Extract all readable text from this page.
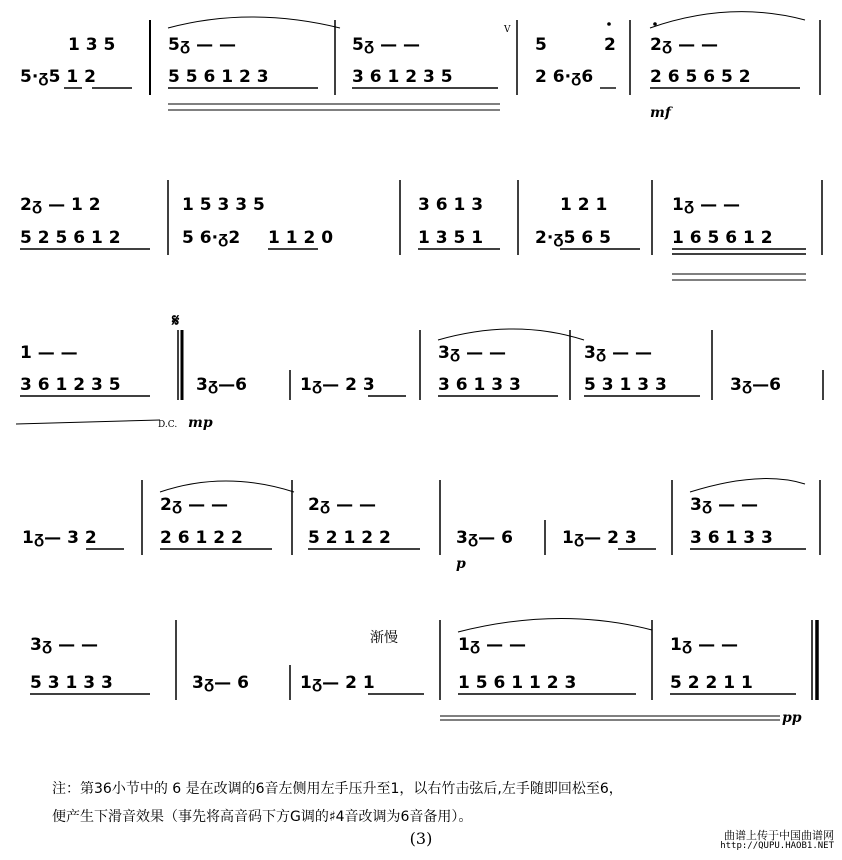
1 3 5	5ᵹ — —	5ᵹ — —	5	2 2ᵹ — —
V
5·ᵹ5 1 2	5 5 6 1 2 3	3 6 1 2 3 5	2 6·ᵹ6	2 6 5 6 5 2
mf
2ᵹ — 1 2	1 5 3 3 5	3 6 1 3	1 2 1	1ᵹ — —
5 2 5 6 1 2	5 6·ᵹ2 1 1 2 0	1 3 5 1	2·ᵹ5 6 5	1 6 5 6 1 2
1 — —
𝄋
3ᵹ — —	3ᵹ — —
3 6 1 2 3 5	3ᵹ—6	1ᵹ— 2 3	3 6 1 3 3	5 3 1 3 3	3ᵹ—6
D.C. mp
2ᵹ — —	2ᵹ — —	3ᵹ — —
1ᵹ— 3 2	2 6 1 2 2	5 2 1 2 2	3ᵹ— 6	1ᵹ— 2 3	3 6 1 3 3
p
3ᵹ — —	1ᵹ — —	1ᵹ — —
渐慢
5 3 1 3 3	3ᵹ— 6	1ᵹ— 2 1	1 5 6 1 1 2 3	5 2 2 1 1
pp
注：第36小节中的 6 是在改调的6音左侧用左手压升至1，以右竹击弦后,左手随即回松至6，
便产生下滑音效果（事先将高音码下方G调的♯4音改调为6音备用）。
(3)	曲谱上传于中国曲谱网
http://QUPU.HAOB1.NET
